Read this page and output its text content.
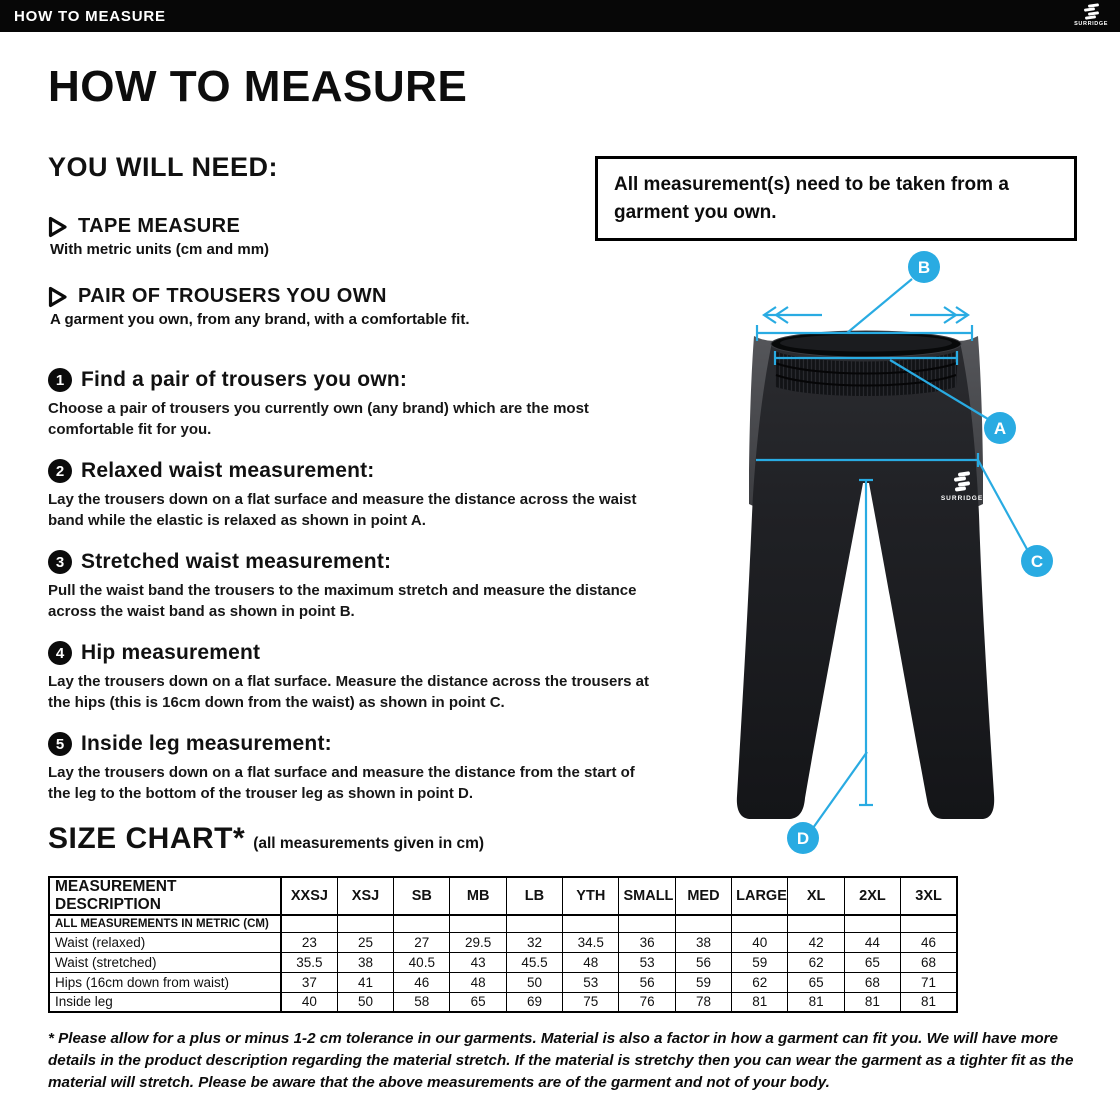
HOW TO MEASURE	SURRIDGE
HOW TO MEASURE
YOU WILL NEED:
TAPE MEASURE
With metric units (cm and mm)
PAIR OF TROUSERS YOU OWN
A garment you own, from any brand, with a comfortable fit.
1 Find a pair of trousers you own:
Choose a pair of trousers you currently own (any brand) which are the most comfortable fit for you.
2 Relaxed waist measurement:
Lay the trousers down on a flat surface and measure the distance across the waist band while the elastic is relaxed as shown in point A.
3 Stretched waist measurement:
Pull the waist band the trousers to the maximum stretch and measure the distance across the waist band as shown in point B.
4 Hip measurement
Lay the trousers down on a flat surface. Measure the distance across the trousers at the hips (this is 16cm down from the waist) as shown in point C.
5 Inside leg measurement:
Lay the trousers down on a flat surface and measure the distance from the start of the leg to the bottom of the trouser leg as shown in point D.
All measurement(s) need to be taken from a garment you own.
SURRIDGE
B
A
C
D
SIZE CHART* (all measurements given in cm)
MEASUREMENT DESCRIPTION	XXSJ	XSJ	SB	MB	LB	YTH	SMALL	MED	LARGE	XL	2XL	3XL
ALL MEASUREMENTS IN METRIC (CM)												
Waist (relaxed)	23	25	27	29.5	32	34.5	36	38	40	42	44	46
Waist (stretched)	35.5	38	40.5	43	45.5	48	53	56	59	62	65	68
Hips (16cm down from waist)	37	41	46	48	50	53	56	59	62	65	68	71
Inside leg	40	50	58	65	69	75	76	78	81	81	81	81
* Please allow for a plus or minus 1-2 cm tolerance in our garments. Material is also a factor in how a garment can fit you. We will have more details in the product description regarding the material stretch. If the material is stretchy then you can wear the garment as a tighter fit as the material will stretch. Please be aware that the above measurements are of the garment and not of your body.
